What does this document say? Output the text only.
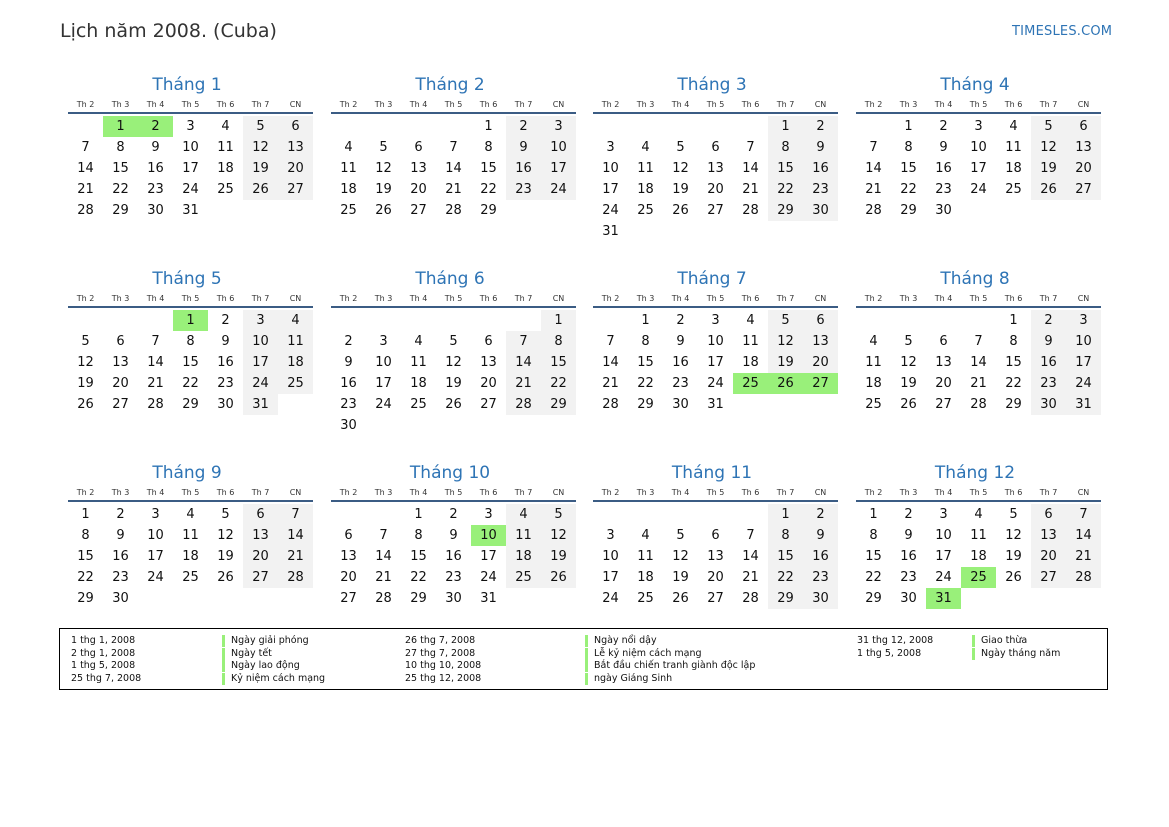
Lịch năm 2008. (Cuba)	TIMESLES.COM
Tháng 1
Th 2	Th 3	Th 4	Th 5	Th 6	Th 7	CN

	1	2	3	4	5	6
7	8	9	10	11	12	13
14	15	16	17	18	19	20
21	22	23	24	25	26	27
28	29	30	31			
Tháng 2
Th 2	Th 3	Th 4	Th 5	Th 6	Th 7	CN

				1	2	3
4	5	6	7	8	9	10
11	12	13	14	15	16	17
18	19	20	21	22	23	24
25	26	27	28	29		
Tháng 3
Th 2	Th 3	Th 4	Th 5	Th 6	Th 7	CN

					1	2
3	4	5	6	7	8	9
10	11	12	13	14	15	16
17	18	19	20	21	22	23
24	25	26	27	28	29	30
31						
Tháng 4
Th 2	Th 3	Th 4	Th 5	Th 6	Th 7	CN

	1	2	3	4	5	6
7	8	9	10	11	12	13
14	15	16	17	18	19	20
21	22	23	24	25	26	27
28	29	30				
Tháng 5
Th 2	Th 3	Th 4	Th 5	Th 6	Th 7	CN

			1	2	3	4
5	6	7	8	9	10	11
12	13	14	15	16	17	18
19	20	21	22	23	24	25
26	27	28	29	30	31	
Tháng 6
Th 2	Th 3	Th 4	Th 5	Th 6	Th 7	CN

						1
2	3	4	5	6	7	8
9	10	11	12	13	14	15
16	17	18	19	20	21	22
23	24	25	26	27	28	29
30						
Tháng 7
Th 2	Th 3	Th 4	Th 5	Th 6	Th 7	CN

	1	2	3	4	5	6
7	8	9	10	11	12	13
14	15	16	17	18	19	20
21	22	23	24	25	26	27
28	29	30	31			
Tháng 8
Th 2	Th 3	Th 4	Th 5	Th 6	Th 7	CN

				1	2	3
4	5	6	7	8	9	10
11	12	13	14	15	16	17
18	19	20	21	22	23	24
25	26	27	28	29	30	31
Tháng 9
Th 2	Th 3	Th 4	Th 5	Th 6	Th 7	CN

1	2	3	4	5	6	7
8	9	10	11	12	13	14
15	16	17	18	19	20	21
22	23	24	25	26	27	28
29	30					
Tháng 10
Th 2	Th 3	Th 4	Th 5	Th 6	Th 7	CN

		1	2	3	4	5
6	7	8	9	10	11	12
13	14	15	16	17	18	19
20	21	22	23	24	25	26
27	28	29	30	31		
Tháng 11
Th 2	Th 3	Th 4	Th 5	Th 6	Th 7	CN

					1	2
3	4	5	6	7	8	9
10	11	12	13	14	15	16
17	18	19	20	21	22	23
24	25	26	27	28	29	30
Tháng 12
Th 2	Th 3	Th 4	Th 5	Th 6	Th 7	CN

1	2	3	4	5	6	7
8	9	10	11	12	13	14
15	16	17	18	19	20	21
22	23	24	25	26	27	28
29	30	31				
1 thg 1, 2008	Ngày giải phóng
2 thg 1, 2008	Ngày tết
1 thg 5, 2008	Ngày lao động
25 thg 7, 2008	Kỷ niệm cách mạng
26 thg 7, 2008	Ngày nổi dậy
27 thg 7, 2008	Lễ kỷ niệm cách mạng
10 thg 10, 2008	Bắt đầu chiến tranh giành độc lập
25 thg 12, 2008	ngày Giáng Sinh
31 thg 12, 2008	Giao thừa
1 thg 5, 2008	Ngày tháng năm
